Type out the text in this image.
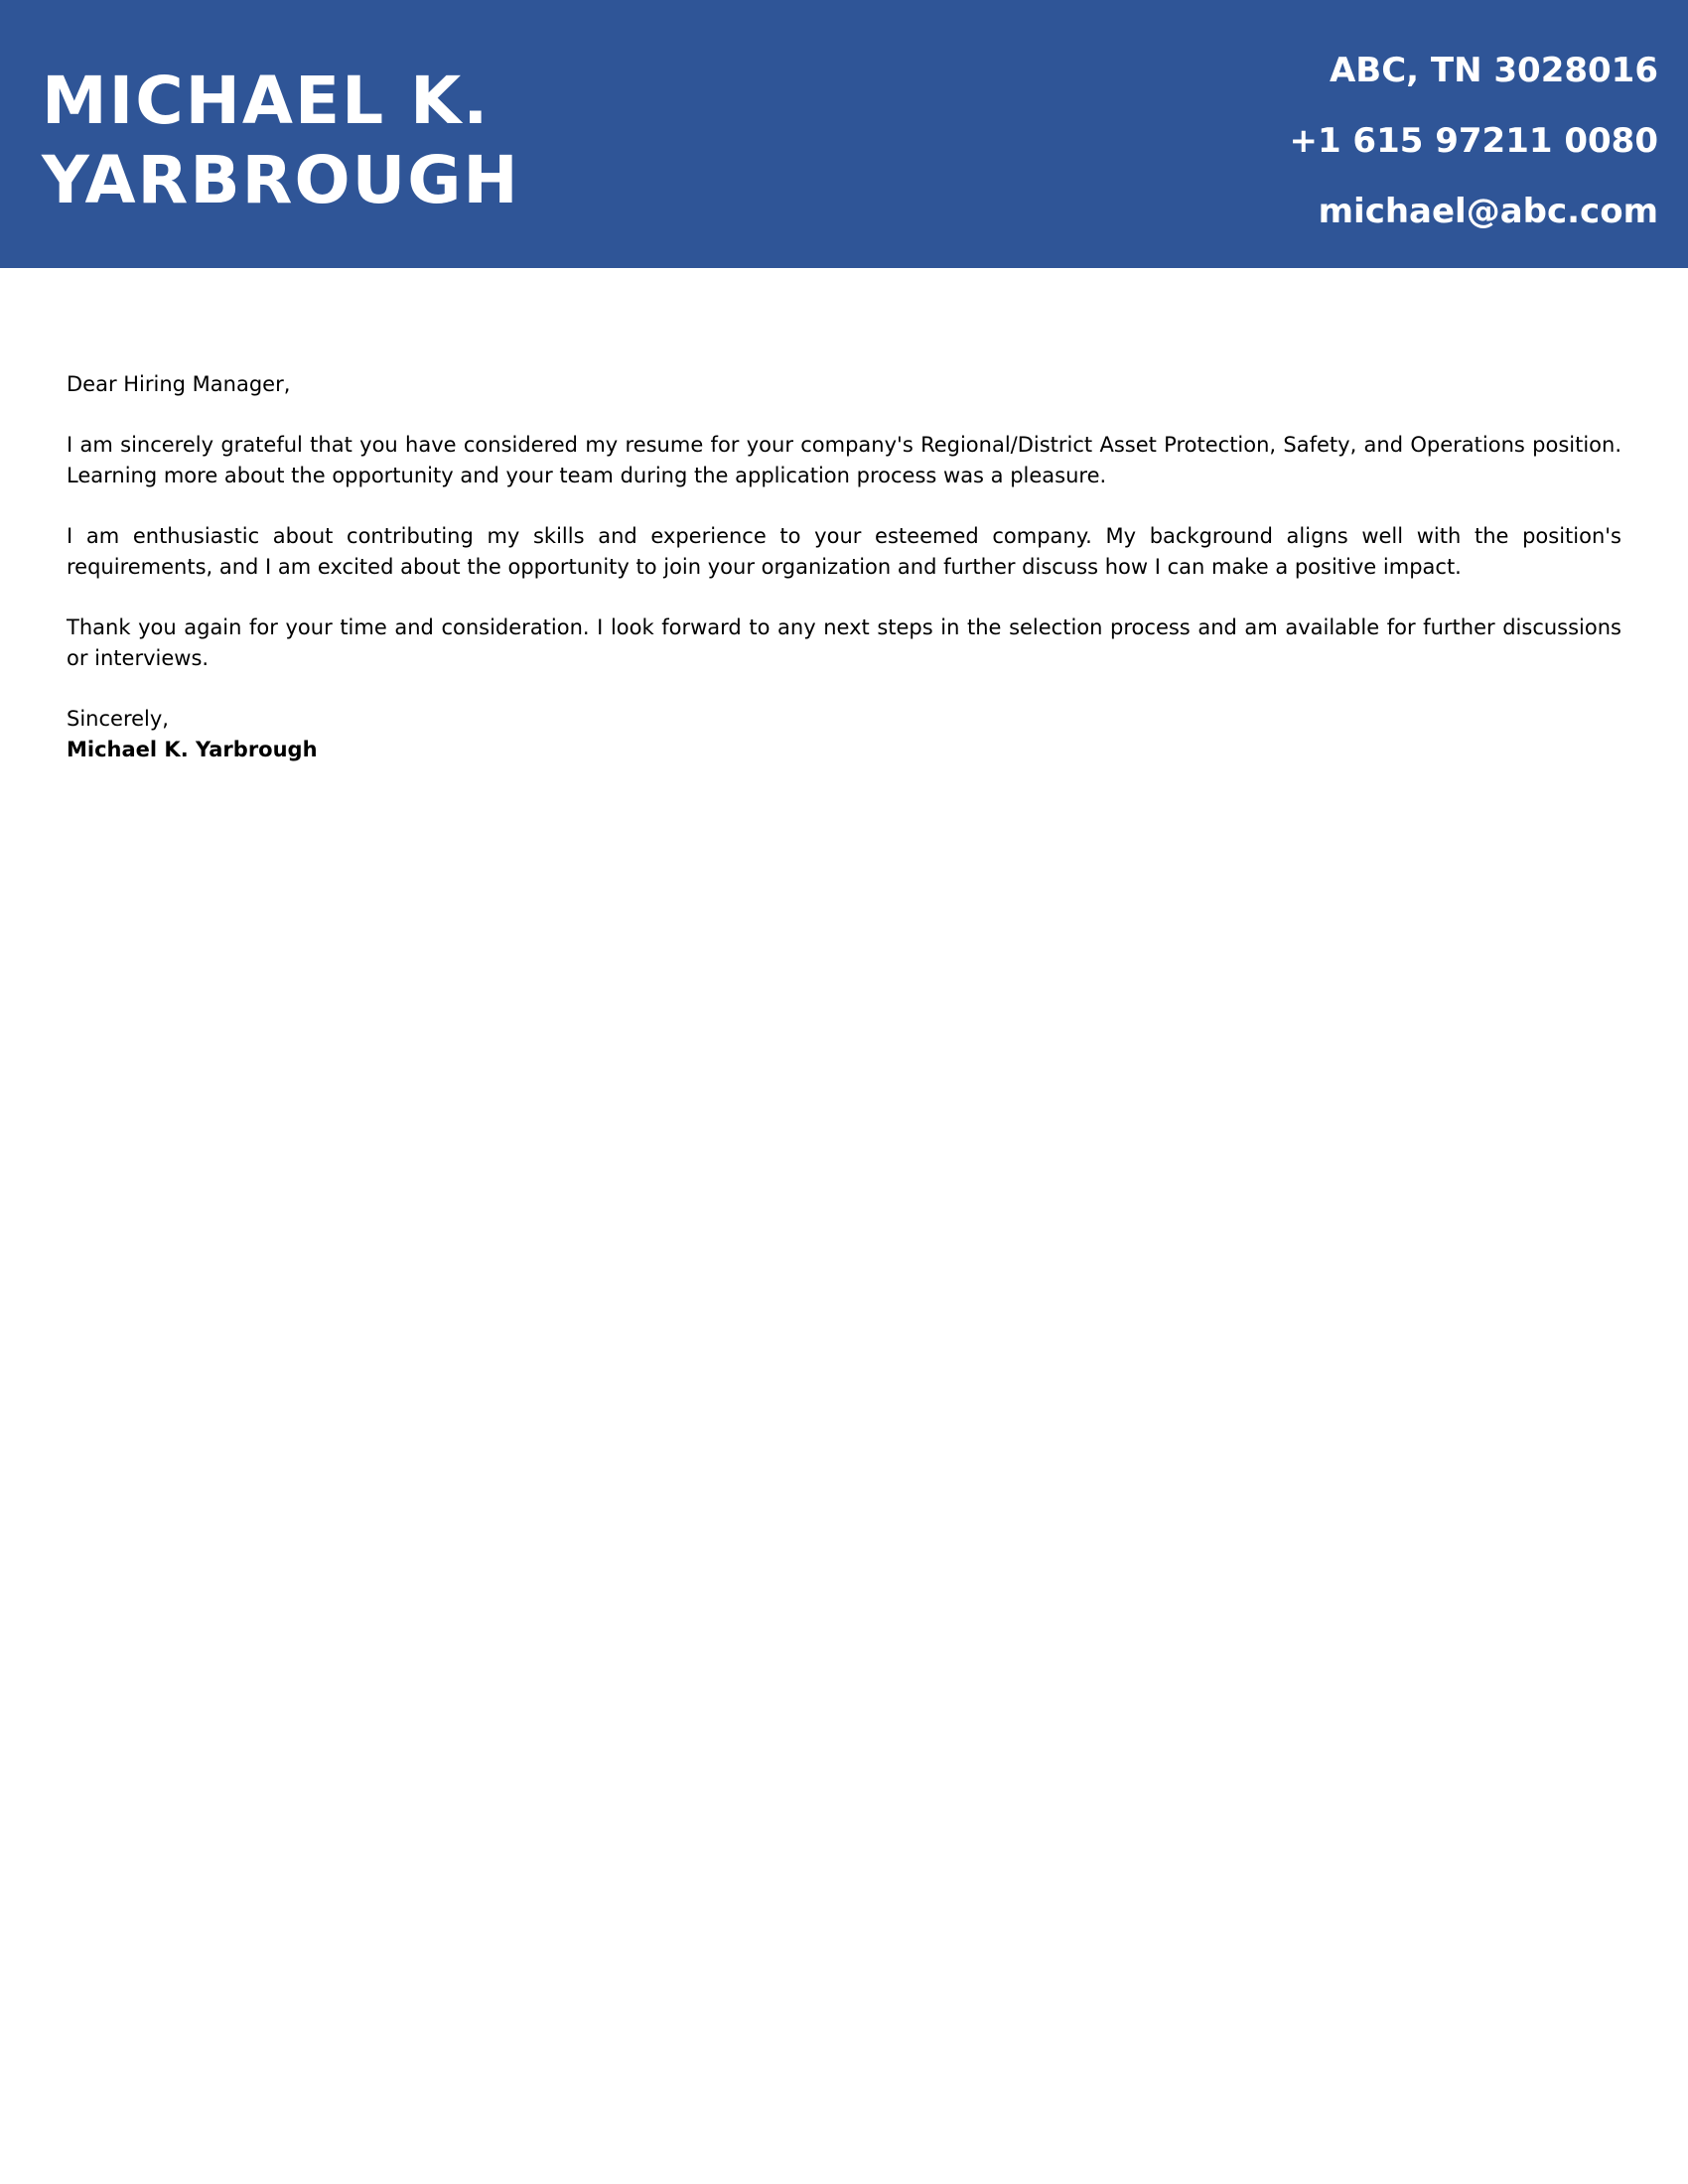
MICHAEL K.
YARBROUGH
ABC, TN 3028016
+1 615 97211 0080
michael@abc.com

Dear Hiring Manager,

I am sincerely grateful that you have considered my resume for your company's Regional/District Asset Protection, Safety, and Operations position. Learning more about the opportunity and your team during the application process was a pleasure.

I am enthusiastic about contributing my skills and experience to your esteemed company. My background aligns well with the position's requirements, and I am excited about the opportunity to join your organization and further discuss how I can make a positive impact.

Thank you again for your time and consideration. I look forward to any next steps in the selection process and am available for further discussions or interviews.

Sincerely,
Michael K. Yarbrough
